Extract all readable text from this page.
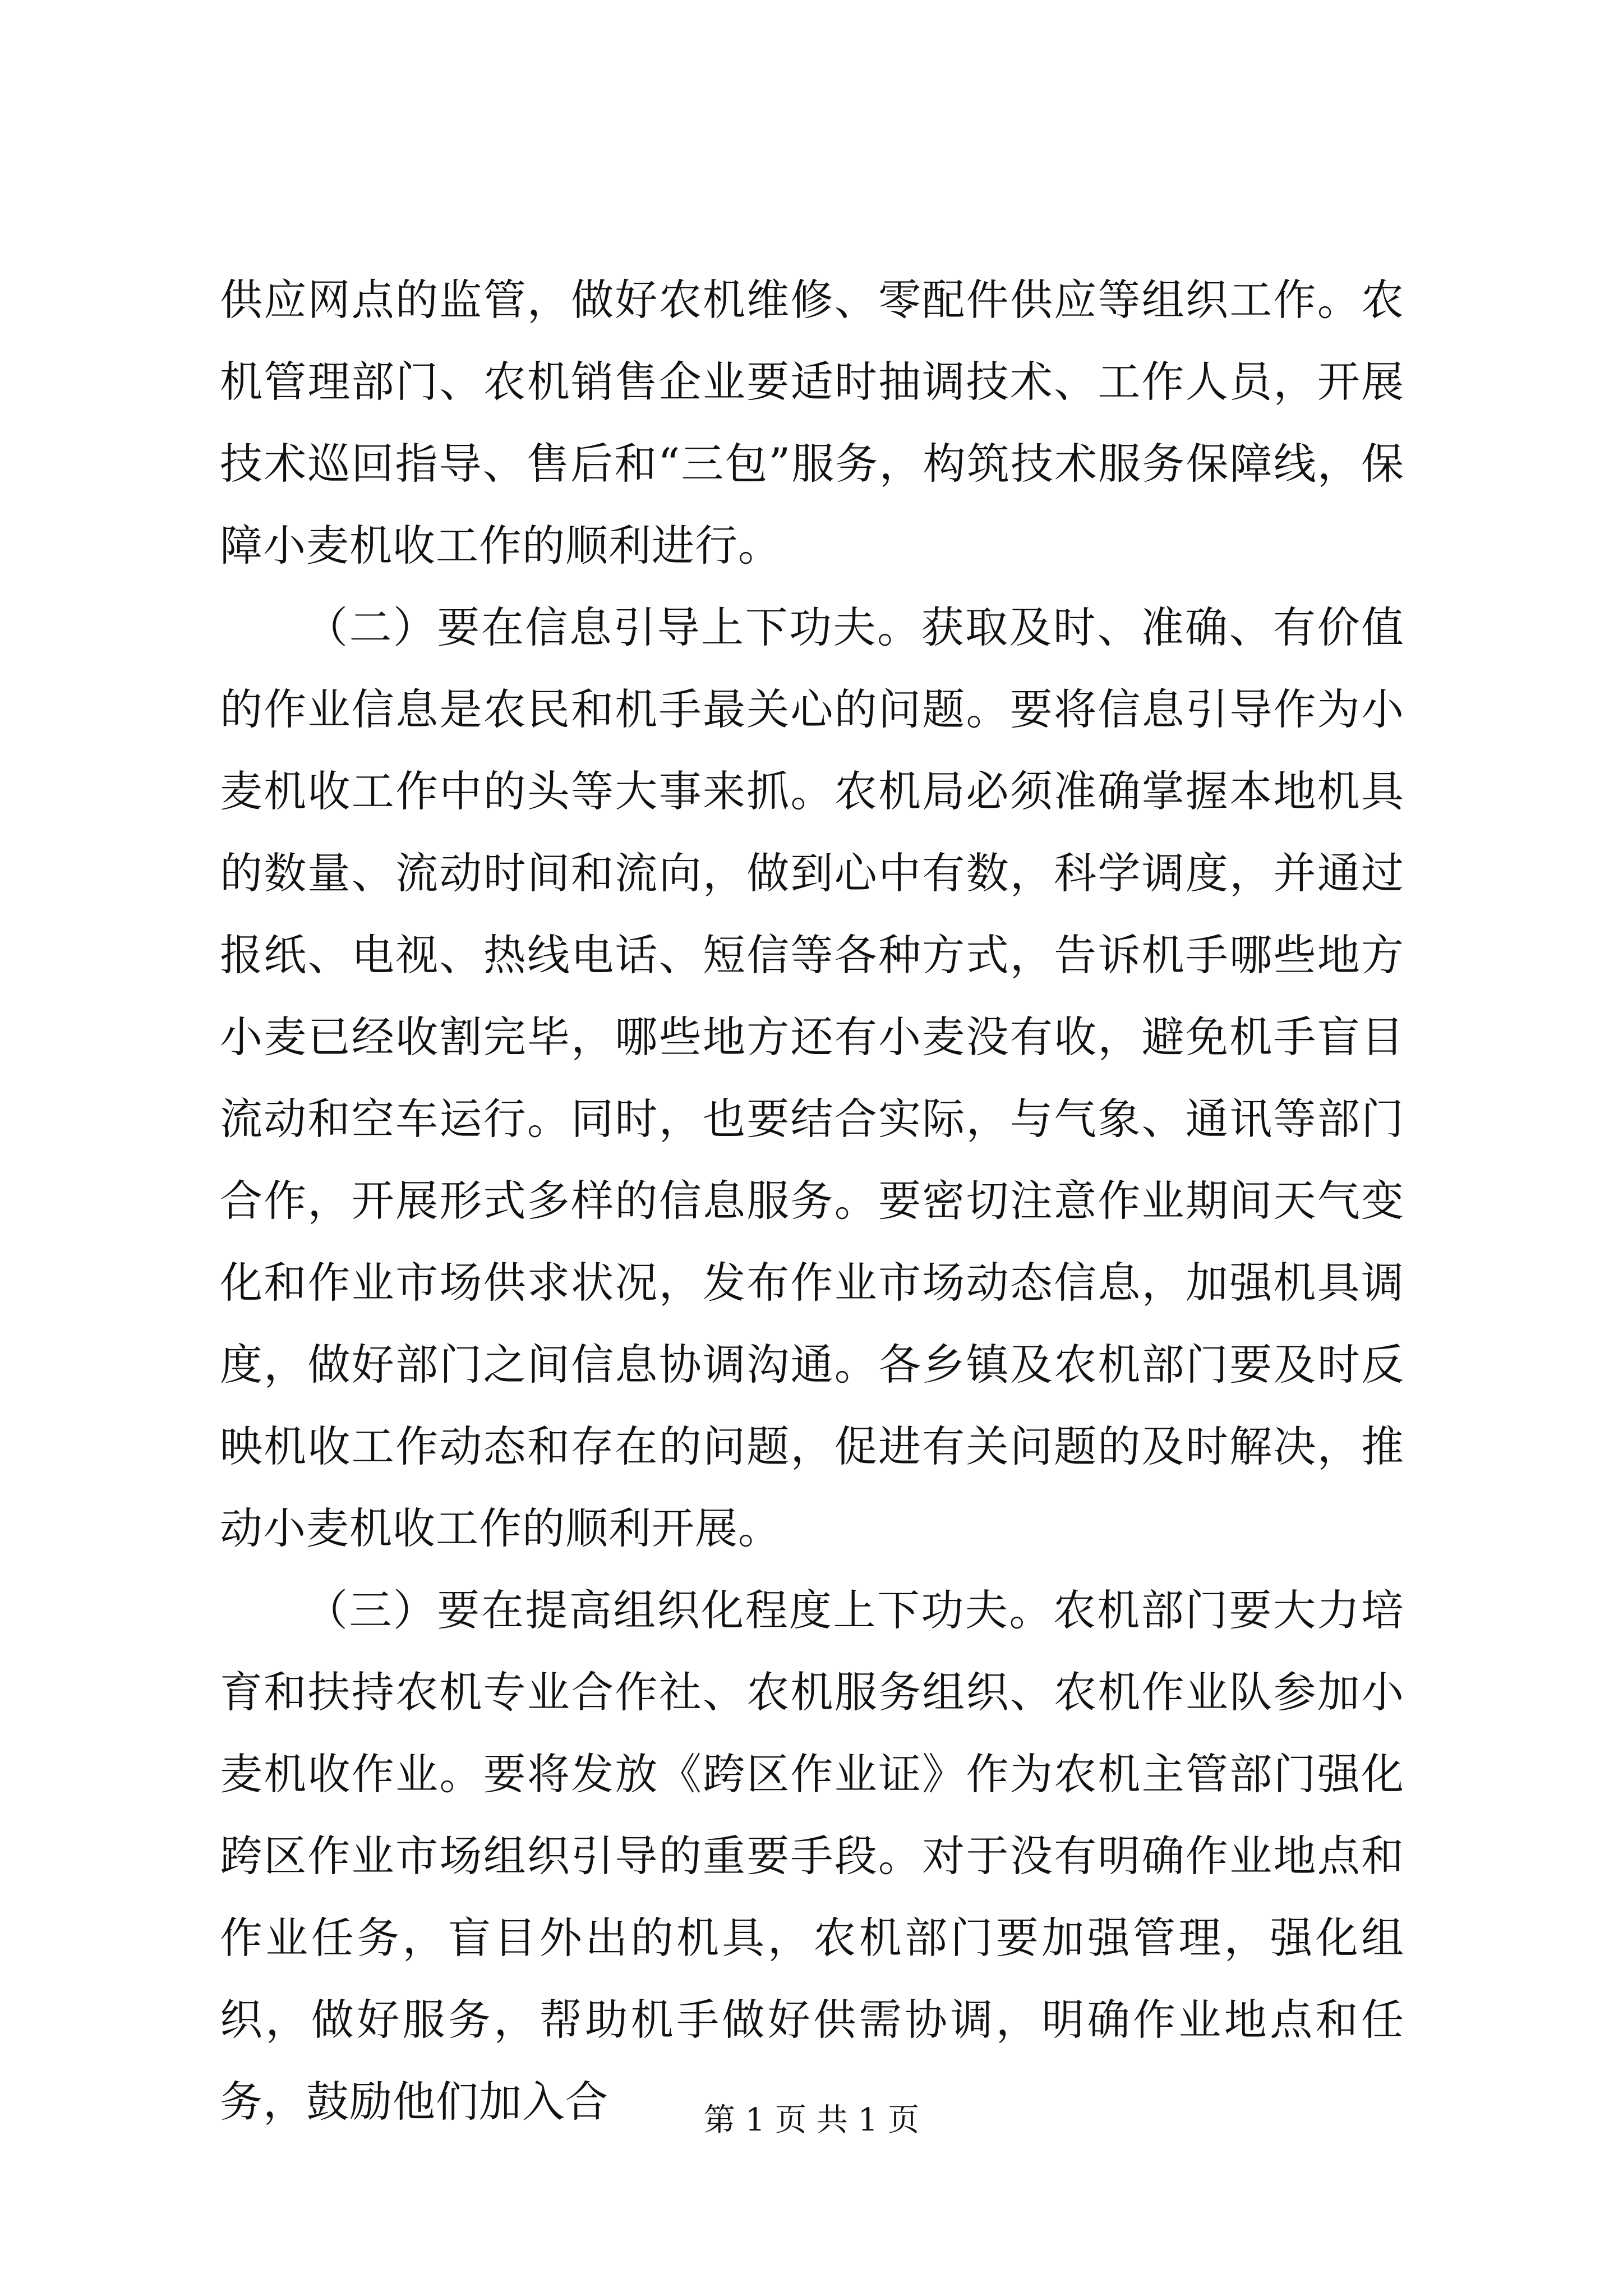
供应网点的监管，做好农机维修、零配件供应等组织工作。农机管理部门、农机销售企业要适时抽调技术、工作人员，开展技术巡回指导、售后和“三包”服务，构筑技术服务保障线，保障小麦机收工作的顺利进行。

（二）要在信息引导上下功夫。获取及时、准确、有价值的作业信息是农民和机手最关心的问题。要将信息引导作为小麦机收工作中的头等大事来抓。农机局必须准确掌握本地机具的数量、流动时间和流向，做到心中有数，科学调度，并通过报纸、电视、热线电话、短信等各种方式，告诉机手哪些地方小麦已经收割完毕，哪些地方还有小麦没有收，避免机手盲目流动和空车运行。同时，也要结合实际，与气象、通讯等部门合作，开展形式多样的信息服务。要密切注意作业期间天气变化和作业市场供求状况，发布作业市场动态信息，加强机具调度，做好部门之间信息协调沟通。各乡镇及农机部门要及时反映机收工作动态和存在的问题，促进有关问题的及时解决，推动小麦机收工作的顺利开展。

（三）要在提高组织化程度上下功夫。农机部门要大力培育和扶持农机专业合作社、农机服务组织、农机作业队参加小麦机收作业。要将发放《跨区作业证》作为农机主管部门强化跨区作业市场组织引导的重要手段。对于没有明确作业地点和作业任务，盲目外出的机具，农机部门要加强管理，强化组织，做好服务，帮助机手做好供需协调，明确作业地点和任务，鼓励他们加入合	第 1 页 共 1 页
